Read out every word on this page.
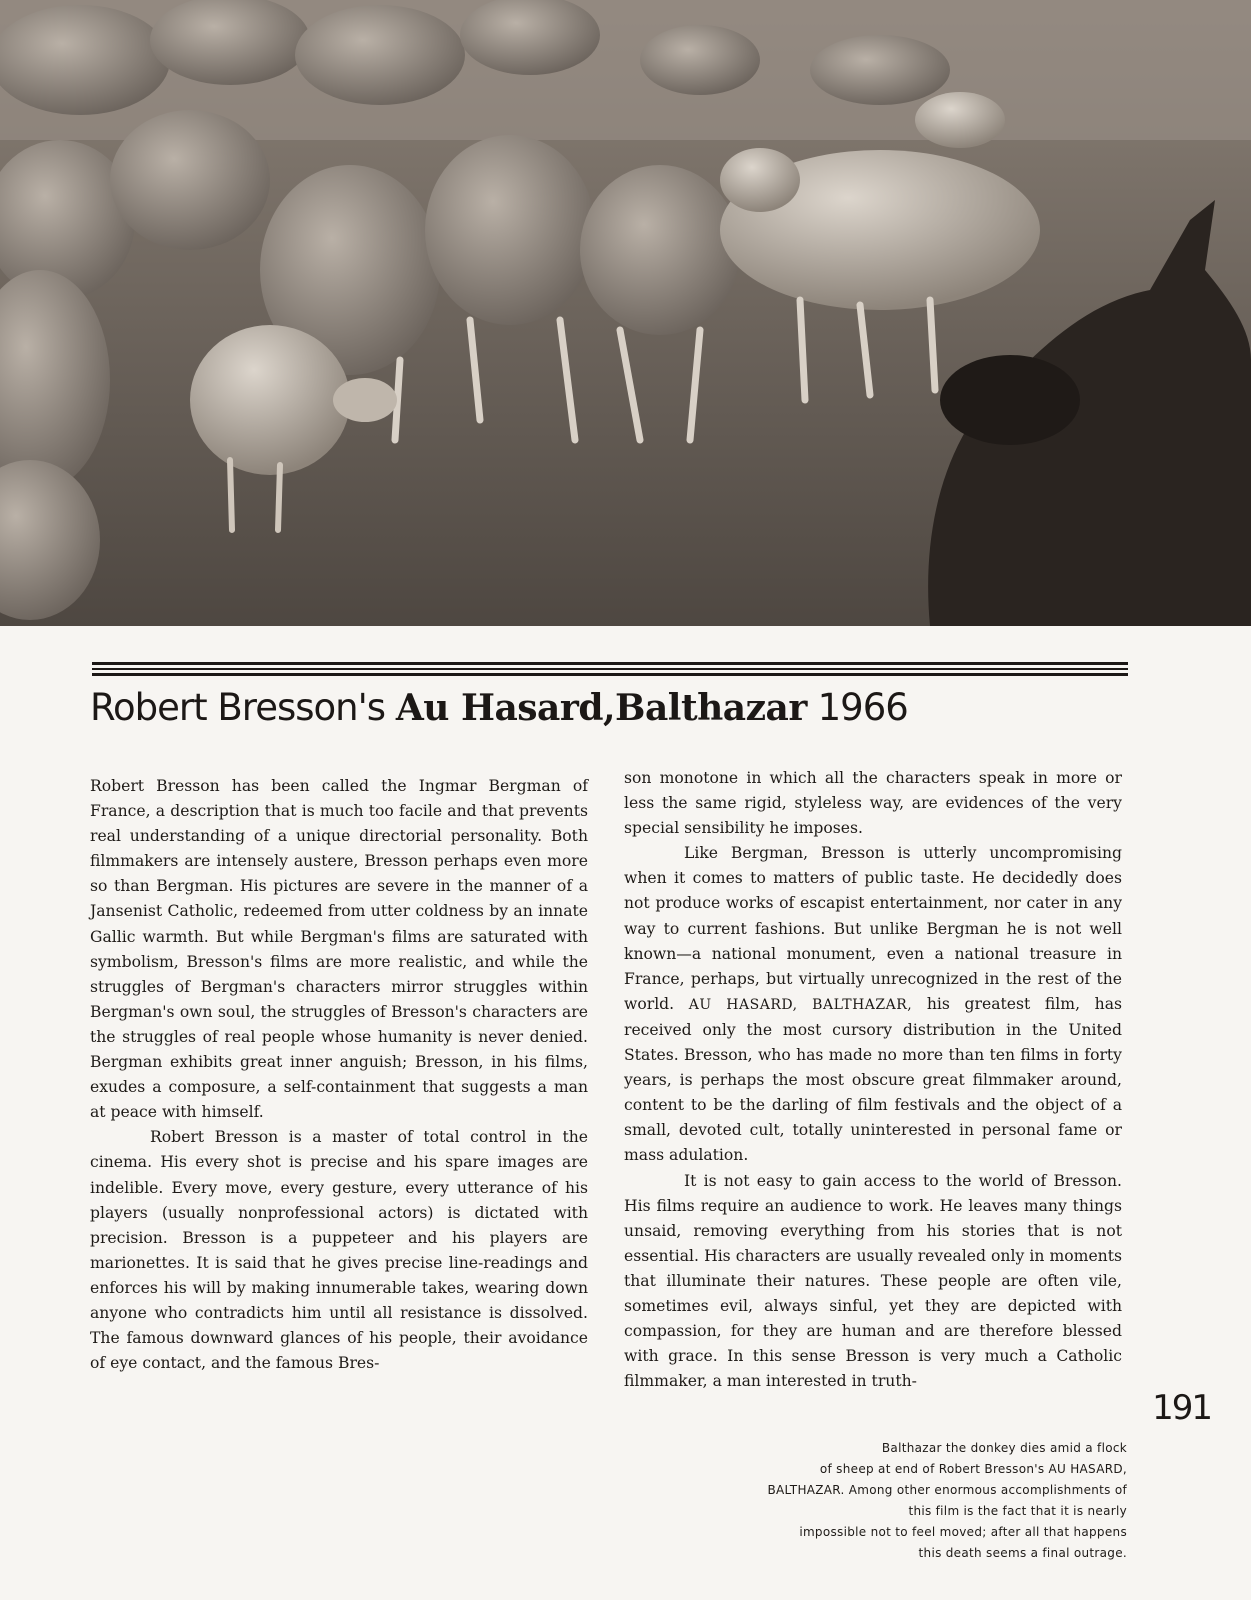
Robert Bresson's Au Hasard,Balthazar 1966

Robert Bresson has been called the Ingmar Bergman of France, a description that is much too facile and that prevents real understanding of a unique directorial personality. Both filmmakers are intensely austere, Bresson perhaps even more so than Bergman. His pictures are severe in the manner of a Jansenist Catholic, redeemed from utter coldness by an innate Gallic warmth. But while Bergman's films are saturated with symbolism, Bresson's films are more realistic, and while the struggles of Bergman's characters mirror struggles within Bergman's own soul, the struggles of Bresson's characters are the struggles of real people whose humanity is never denied. Bergman exhibits great inner anguish; Bresson, in his films, exudes a composure, a self-containment that suggests a man at peace with himself.

Robert Bresson is a master of total control in the cinema. His every shot is precise and his spare images are indelible. Every move, every gesture, every utterance of his players (usually nonprofessional actors) is dictated with precision. Bresson is a puppeteer and his players are marionettes. It is said that he gives precise line-readings and enforces his will by making innumerable takes, wearing down anyone who contradicts him until all resistance is dissolved. The famous downward glances of his people, their avoidance of eye contact, and the famous Bres-

son monotone in which all the characters speak in more or less the same rigid, styleless way, are evidences of the very special sensibility he imposes.

Like Bergman, Bresson is utterly uncompromising when it comes to matters of public taste. He decidedly does not produce works of escapist entertainment, nor cater in any way to current fashions. But unlike Bergman he is not well known—a national monument, even a national treasure in France, perhaps, but virtually unrecognized in the rest of the world. AU HASARD, BALTHAZAR, his greatest film, has received only the most cursory distribution in the United States. Bresson, who has made no more than ten films in forty years, is perhaps the most obscure great filmmaker around, content to be the darling of film festivals and the object of a small, devoted cult, totally uninterested in personal fame or mass adulation.

It is not easy to gain access to the world of Bresson. His films require an audience to work. He leaves many things unsaid, removing everything from his stories that is not essential. His characters are usually revealed only in moments that illuminate their natures. These people are often vile, sometimes evil, always sinful, yet they are depicted with compassion, for they are human and are therefore blessed with grace. In this sense Bresson is very much a Catholic filmmaker, a man interested in truth-

191
Balthazar the donkey dies amid a flock
of sheep at end of Robert Bresson's AU HASARD,
BALTHAZAR. Among other enormous accomplishments of
this film is the fact that it is nearly
impossible not to feel moved; after all that happens
this death seems a final outrage.
